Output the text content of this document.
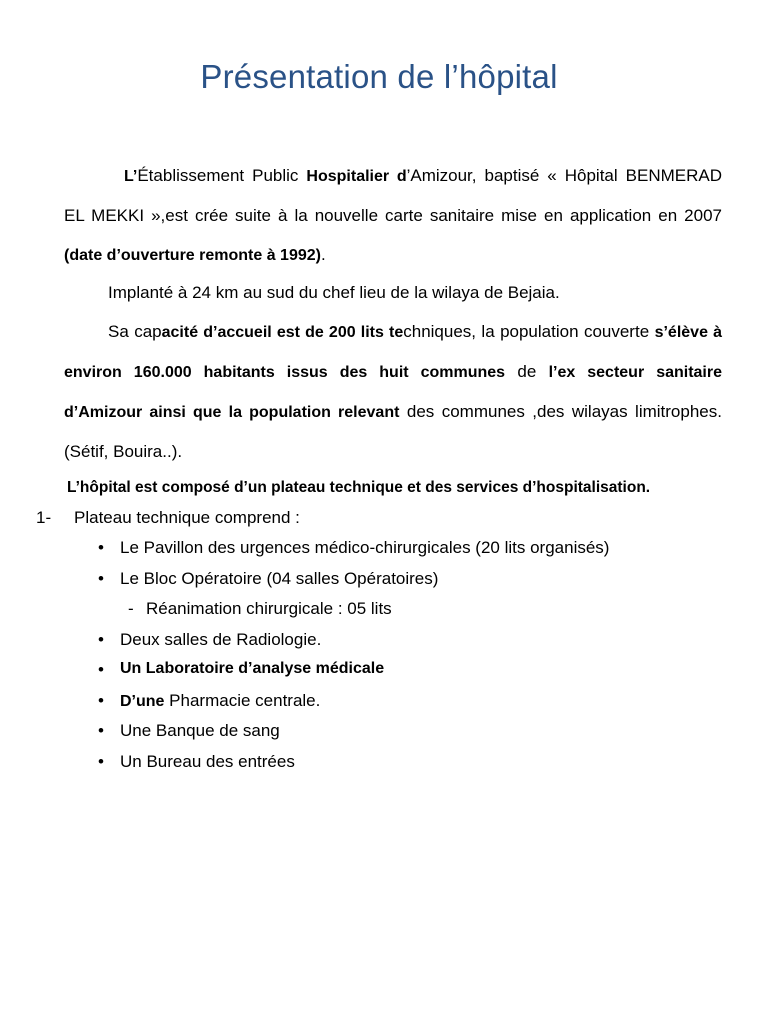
Présentation de l’hôpital

L’Établissement Public Hospitalier d’Amizour, baptisé « Hôpital BENMERAD EL MEKKI »,est crée suite à la nouvelle carte sanitaire mise en application en 2007 (date d’ouverture remonte à 1992).

Implanté à 24 km au sud du chef lieu de la wilaya de Bejaia.

Sa capacité d’accueil est de 200 lits techniques, la population couverte s’élève à environ 160.000 habitants issus des huit communes de l’ex secteur sanitaire d’Amizour ainsi que la population relevant des communes ,des wilayas limitrophes.(Sétif, Bouira..).

L’hôpital est composé d’un plateau technique et des services d’hospitalisation.

1- Plateau technique comprend :

• Le Pavillon des urgences médico-chirurgicales (20 lits organisés)
• Le Bloc Opératoire (04 salles Opératoires)
- Réanimation chirurgicale : 05 lits
• Deux salles de Radiologie.
• Un Laboratoire d’analyse médicale
• D’une Pharmacie centrale.
• Une Banque de sang
• Un Bureau des entrées
